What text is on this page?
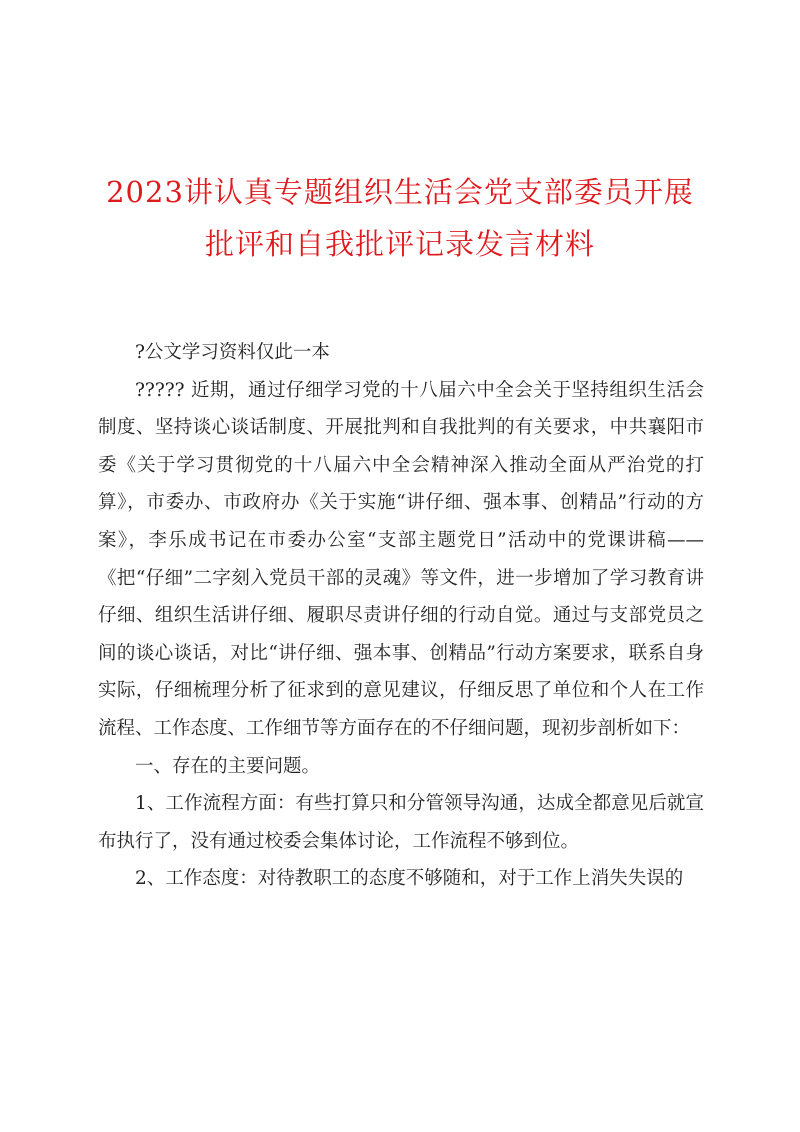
2023讲认真专题组织生活会党支部委员开展
批评和自我批评记录发言材料

?公文学习资料仅此一本

????? 近期，通过仔细学习党的十八届六中全会关于坚持组织生活会制度、坚持谈心谈话制度、开展批判和自我批判的有关要求，中共襄阳市委《关于学习贯彻党的十八届六中全会精神深入推动全面从严治党的打算》，市委办、市政府办《关于实施“讲仔细、强本事、创精品”行动的方案》，李乐成书记在市委办公室“支部主题党日”活动中的党课讲稿——《把“仔细”二字刻入党员干部的灵魂》等文件，进一步增加了学习教育讲仔细、组织生活讲仔细、履职尽责讲仔细的行动自觉。通过与支部党员之间的谈心谈话，对比“讲仔细、强本事、创精品”行动方案要求，联系自身实际，仔细梳理分析了征求到的意见建议，仔细反思了单位和个人在工作流程、工作态度、工作细节等方面存在的不仔细问题，现初步剖析如下：

一、存在的主要问题。

1、工作流程方面：有些打算只和分管领导沟通，达成全都意见后就宣布执行了，没有通过校委会集体讨论，工作流程不够到位。

2、工作态度：对待教职工的态度不够随和，对于工作上消失失误的
